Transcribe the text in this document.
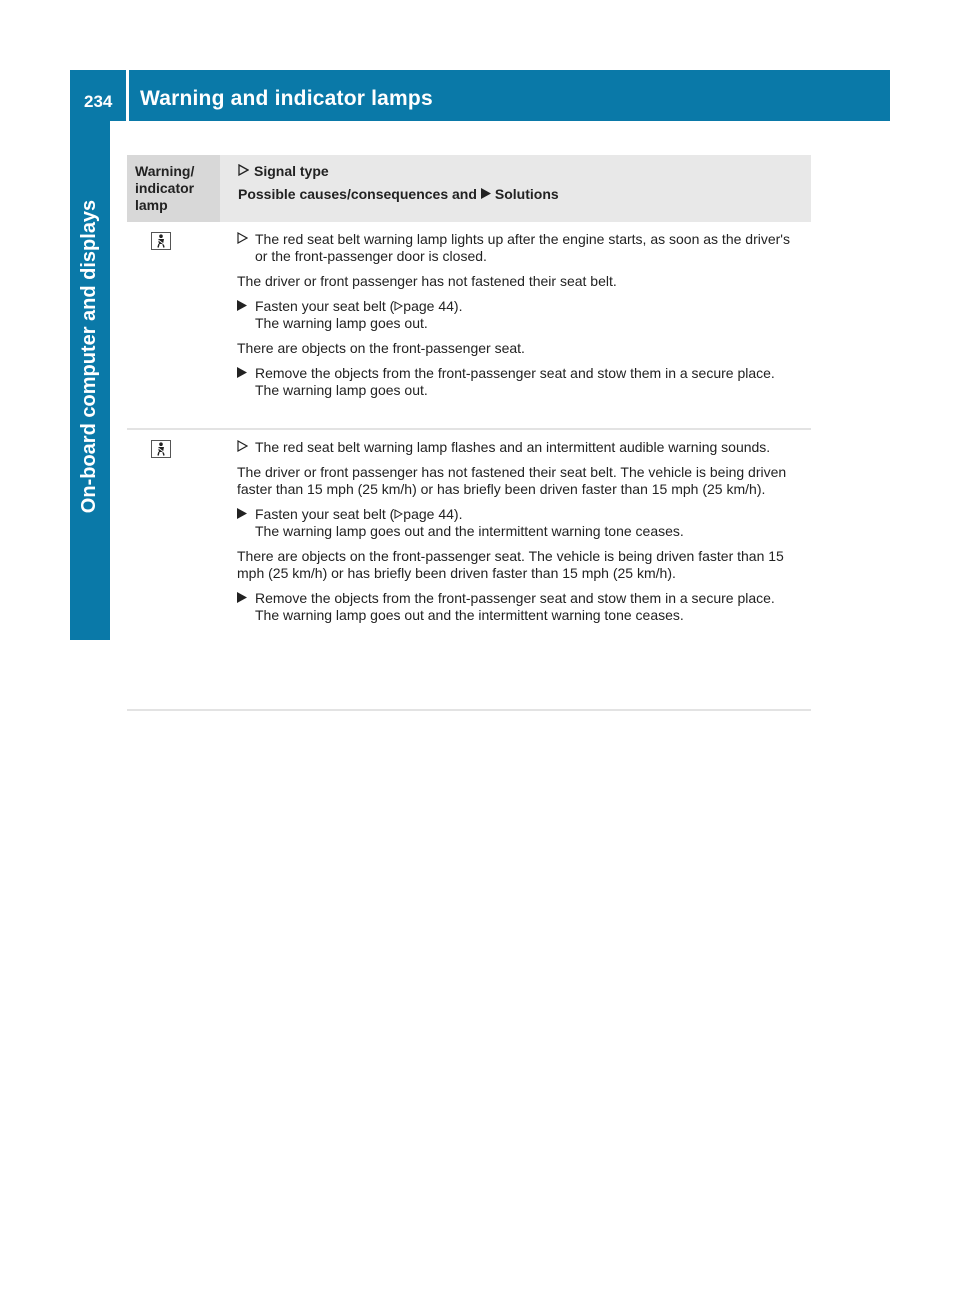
234 Warning and indicator lamps
On-board computer and displays
Warning/ indicator lamp
Signal type
Possible causes/consequences and Solutions
The red seat belt warning lamp lights up after the engine starts, as soon as the driver's or the front-passenger door is closed.

The driver or front passenger has not fastened their seat belt.

Fasten your seat belt ( page 44).
The warning lamp goes out.

There are objects on the front-passenger seat.

Remove the objects from the front-passenger seat and stow them in a secure place.
The warning lamp goes out.
The red seat belt warning lamp flashes and an intermittent audible warning sounds.

The driver or front passenger has not fastened their seat belt. The vehicle is being driven faster than 15 mph (25 km/h) or has briefly been driven faster than 15 mph (25 km/h).

Fasten your seat belt ( page 44).
The warning lamp goes out and the intermittent warning tone ceases.

There are objects on the front-passenger seat. The vehicle is being driven faster than 15 mph (25 km/h) or has briefly been driven faster than 15 mph (25 km/h).

Remove the objects from the front-passenger seat and stow them in a secure place.
The warning lamp goes out and the intermittent warning tone ceases.
